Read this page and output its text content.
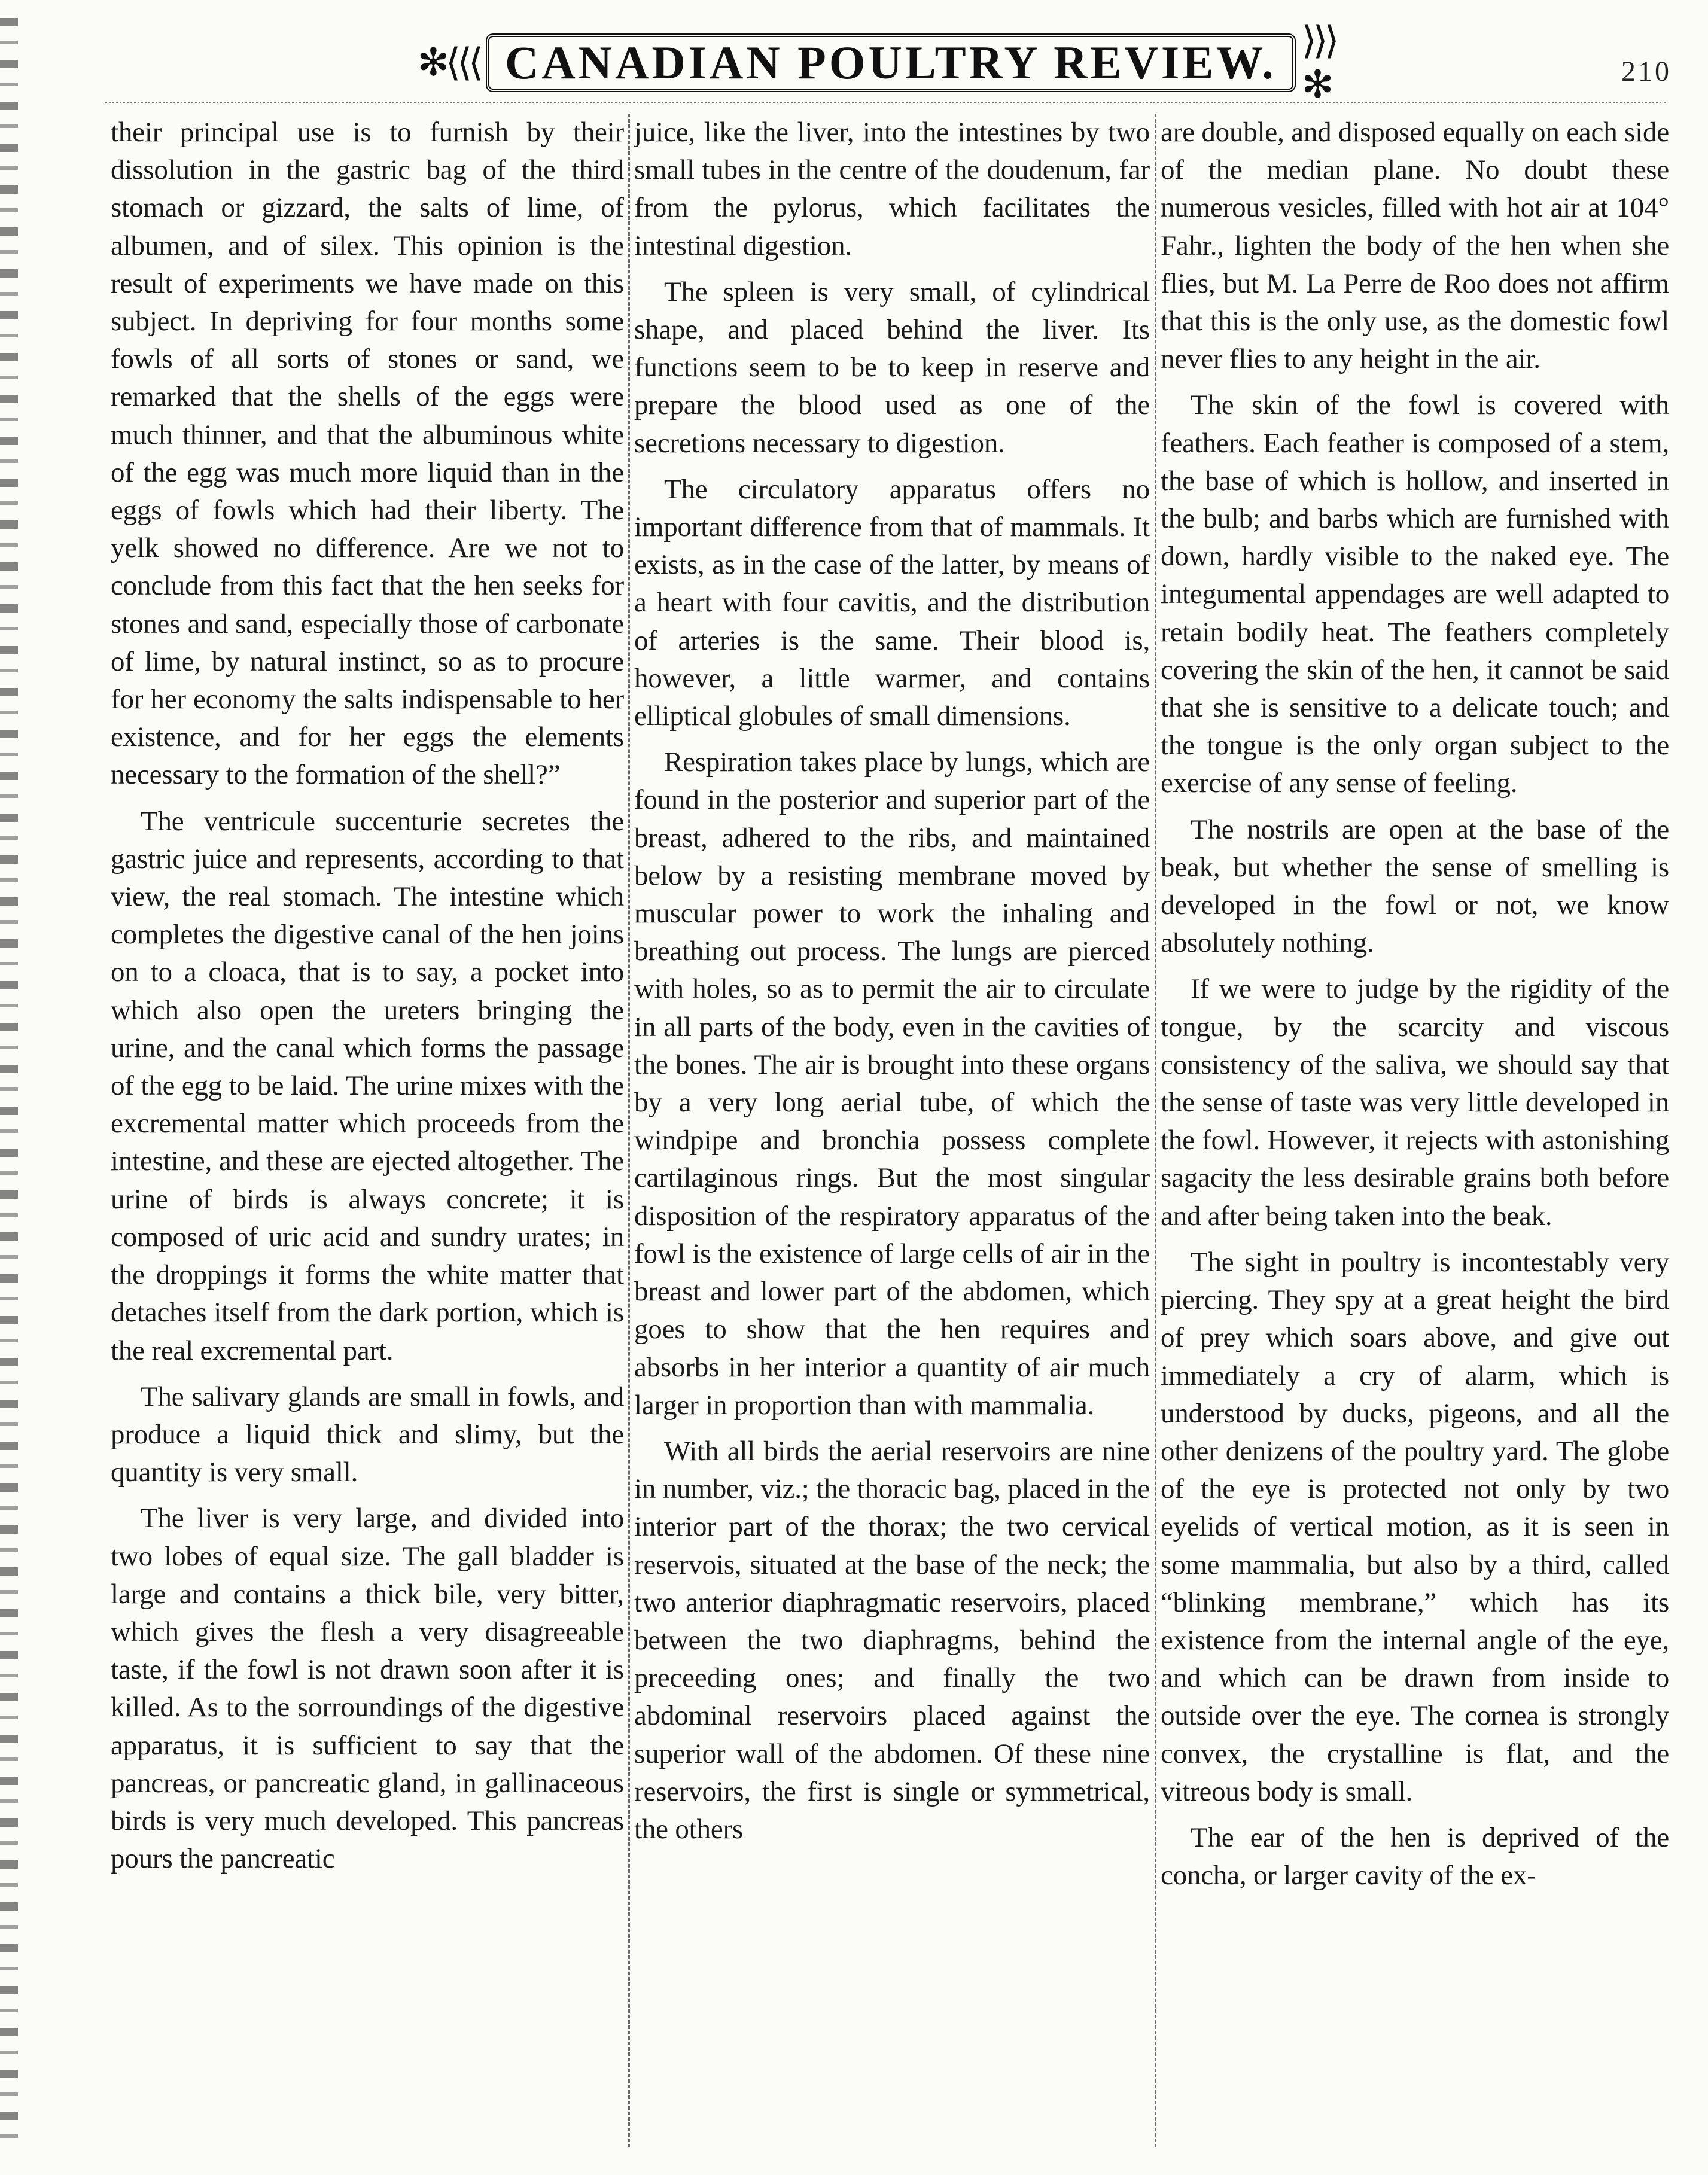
✻⟨⟨⟨ CANADIAN POULTRY REVIEW. ⟩⟩⟩✻	210

their principal use is to furnish by their dissolution in the gastric bag of the third stomach or gizzard, the salts of lime, of albumen, and of silex. This opinion is the result of experiments we have made on this subject. In depriving for four months some fowls of all sorts of stones or sand, we remarked that the shells of the eggs were much thinner, and that the albuminous white of the egg was much more liquid than in the eggs of fowls which had their liberty. The yelk showed no difference. Are we not to conclude from this fact that the hen seeks for stones and sand, especially those of carbonate of lime, by natural instinct, so as to procure for her economy the salts indispensable to her existence, and for her eggs the elements necessary to the formation of the shell?”

The ventricule succenturie secretes the gastric juice and represents, according to that view, the real stomach. The intestine which completes the digestive canal of the hen joins on to a cloaca, that is to say, a pocket into which also open the ureters bringing the urine, and the canal which forms the passage of the egg to be laid. The urine mixes with the excremental matter which proceeds from the intestine, and these are ejected altogether. The urine of birds is always concrete; it is composed of uric acid and sundry urates; in the droppings it forms the white matter that detaches itself from the dark portion, which is the real excremental part.

The salivary glands are small in fowls, and produce a liquid thick and slimy, but the quantity is very small.

The liver is very large, and divided into two lobes of equal size. The gall bladder is large and contains a thick bile, very bitter, which gives the flesh a very disagreeable taste, if the fowl is not drawn soon after it is killed. As to the sorroundings of the digestive apparatus, it is sufficient to say that the pancreas, or pancreatic gland, in gallinaceous birds is very much developed. This pancreas pours the pancreatic

juice, like the liver, into the intestines by two small tubes in the centre of the doudenum, far from the pylorus, which facilitates the intestinal digestion.

The spleen is very small, of cylindrical shape, and placed behind the liver. Its functions seem to be to keep in reserve and prepare the blood used as one of the secretions necessary to digestion.

The circulatory apparatus offers no important difference from that of mammals. It exists, as in the case of the latter, by means of a heart with four cavitis, and the distribution of arteries is the same. Their blood is, however, a little warmer, and contains elliptical globules of small dimensions.

Respiration takes place by lungs, which are found in the posterior and superior part of the breast, adhered to the ribs, and maintained below by a resisting membrane moved by muscular power to work the inhaling and breathing out process. The lungs are pierced with holes, so as to permit the air to circulate in all parts of the body, even in the cavities of the bones. The air is brought into these organs by a very long aerial tube, of which the windpipe and bronchia possess complete cartilaginous rings. But the most singular disposition of the respiratory apparatus of the fowl is the existence of large cells of air in the breast and lower part of the abdomen, which goes to show that the hen requires and absorbs in her interior a quantity of air much larger in proportion than with mammalia.

With all birds the aerial reservoirs are nine in number, viz.; the thoracic bag, placed in the interior part of the thorax; the two cervical reservois, situated at the base of the neck; the two anterior diaphragmatic reservoirs, placed between the two diaphragms, behind the preceeding ones; and finally the two abdominal reservoirs placed against the superior wall of the abdomen. Of these nine reservoirs, the first is single or symmetrical, the others

are double, and disposed equally on each side of the median plane. No doubt these numerous vesicles, filled with hot air at 104° Fahr., lighten the body of the hen when she flies, but M. La Perre de Roo does not affirm that this is the only use, as the domestic fowl never flies to any height in the air.

The skin of the fowl is covered with feathers. Each feather is composed of a stem, the base of which is hollow, and inserted in the bulb; and barbs which are furnished with down, hardly visible to the naked eye. The integumental appendages are well adapted to retain bodily heat. The feathers completely covering the skin of the hen, it cannot be said that she is sensitive to a delicate touch; and the tongue is the only organ subject to the exercise of any sense of feeling.

The nostrils are open at the base of the beak, but whether the sense of smelling is developed in the fowl or not, we know absolutely nothing.

If we were to judge by the rigidity of the tongue, by the scarcity and viscous consistency of the saliva, we should say that the sense of taste was very little developed in the fowl. However, it rejects with astonishing sagacity the less desirable grains both before and after being taken into the beak.

The sight in poultry is incontestably very piercing. They spy at a great height the bird of prey which soars above, and give out immediately a cry of alarm, which is understood by ducks, pigeons, and all the other denizens of the poultry yard. The globe of the eye is protected not only by two eyelids of vertical motion, as it is seen in some mammalia, but also by a third, called “blinking membrane,” which has its existence from the internal angle of the eye, and which can be drawn from inside to outside over the eye. The cornea is strongly convex, the crystalline is flat, and the vitreous body is small.

The ear of the hen is deprived of the concha, or larger cavity of the ex-
